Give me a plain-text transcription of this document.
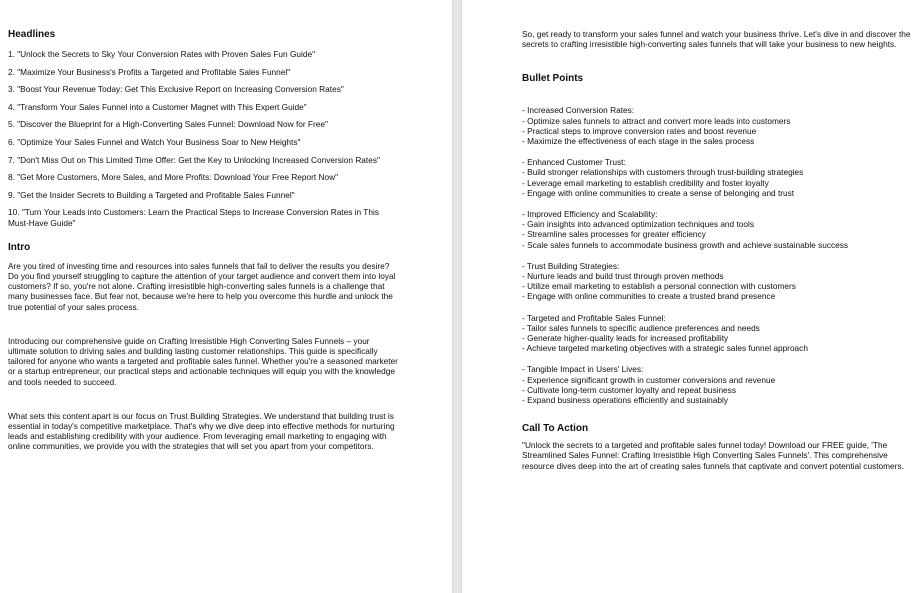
Headlines
1. "Unlock the Secrets to Sky Your Conversion Rates with Proven Sales Fun Guide"
2. "Maximize Your Business's Profits a Targeted and Profitable Sales Funnel"
3. "Boost Your Revenue Today: Get This Exclusive Report on Increasing Conversion Rates"
4. "Transform Your Sales Funnel into a Customer Magnet with This Expert Guide"
5. "Discover the Blueprint for a High-Converting Sales Funnel: Download Now for Free"
6. "Optimize Your Sales Funnel and Watch Your Business Soar to New Heights"
7. "Don't Miss Out on This Limited Time Offer: Get the Key to Unlocking Increased Conversion Rates"
8. "Get More Customers, More Sales, and More Profits: Download Your Free Report Now"
9. "Get the Insider Secrets to Building a Targeted and Profitable Sales Funnel"
10. "Turn Your Leads into Customers: Learn the Practical Steps to Increase Conversion Rates in This Must-Have Guide"
Intro

Are you tired of investing time and resources into sales funnels that fail to deliver the results you desire? Do you find yourself struggling to capture the attention of your target audience and convert them into loyal customers? If so, you're not alone. Crafting irresistible high-converting sales funnels is a challenge that many businesses face. But fear not, because we're here to help you overcome this hurdle and unlock the true potential of your sales process.

Introducing our comprehensive guide on Crafting Irresistible High Converting Sales Funnels – your ultimate solution to driving sales and building lasting customer relationships. This guide is specifically tailored for anyone who wants a targeted and profitable sales funnel. Whether you're a seasoned marketer or a startup entrepreneur, our practical steps and actionable techniques will equip you with the knowledge and tools needed to succeed.

What sets this content apart is our focus on Trust Building Strategies. We understand that building trust is essential in today's competitive marketplace. That's why we dive deep into effective methods for nurturing leads and establishing credibility with your audience. From leveraging email marketing to engaging with online communities, we provide you with the strategies that will set you apart from your competitors.

So, get ready to transform your sales funnel and watch your business thrive. Let's dive in and discover the secrets to crafting irresistible high-converting sales funnels that will take your business to new heights.

Bullet Points
- Increased Conversion Rates:
- Optimize sales funnels to attract and convert more leads into customers
- Practical steps to improve conversion rates and boost revenue
- Maximize the effectiveness of each stage in the sales process
- Enhanced Customer Trust:
- Build stronger relationships with customers through trust-building strategies
- Leverage email marketing to establish credibility and foster loyalty
- Engage with online communities to create a sense of belonging and trust
- Improved Efficiency and Scalability:
- Gain insights into advanced optimization techniques and tools
- Streamline sales processes for greater efficiency
- Scale sales funnels to accommodate business growth and achieve sustainable success
- Trust Building Strategies:
- Nurture leads and build trust through proven methods
- Utilize email marketing to establish a personal connection with customers
- Engage with online communities to create a trusted brand presence
- Targeted and Profitable Sales Funnel:
- Tailor sales funnels to specific audience preferences and needs
- Generate higher-quality leads for increased profitability
- Achieve targeted marketing objectives with a strategic sales funnel approach
- Tangible Impact in Users' Lives:
- Experience significant growth in customer conversions and revenue
- Cultivate long-term customer loyalty and repeat business
- Expand business operations efficiently and sustainably
Call To Action

"Unlock the secrets to a targeted and profitable sales funnel today! Download our FREE guide, 'The Streamlined Sales Funnel: Crafting Irresistible High Converting Sales Funnels'. This comprehensive resource dives deep into the art of creating sales funnels that captivate and convert potential customers.
